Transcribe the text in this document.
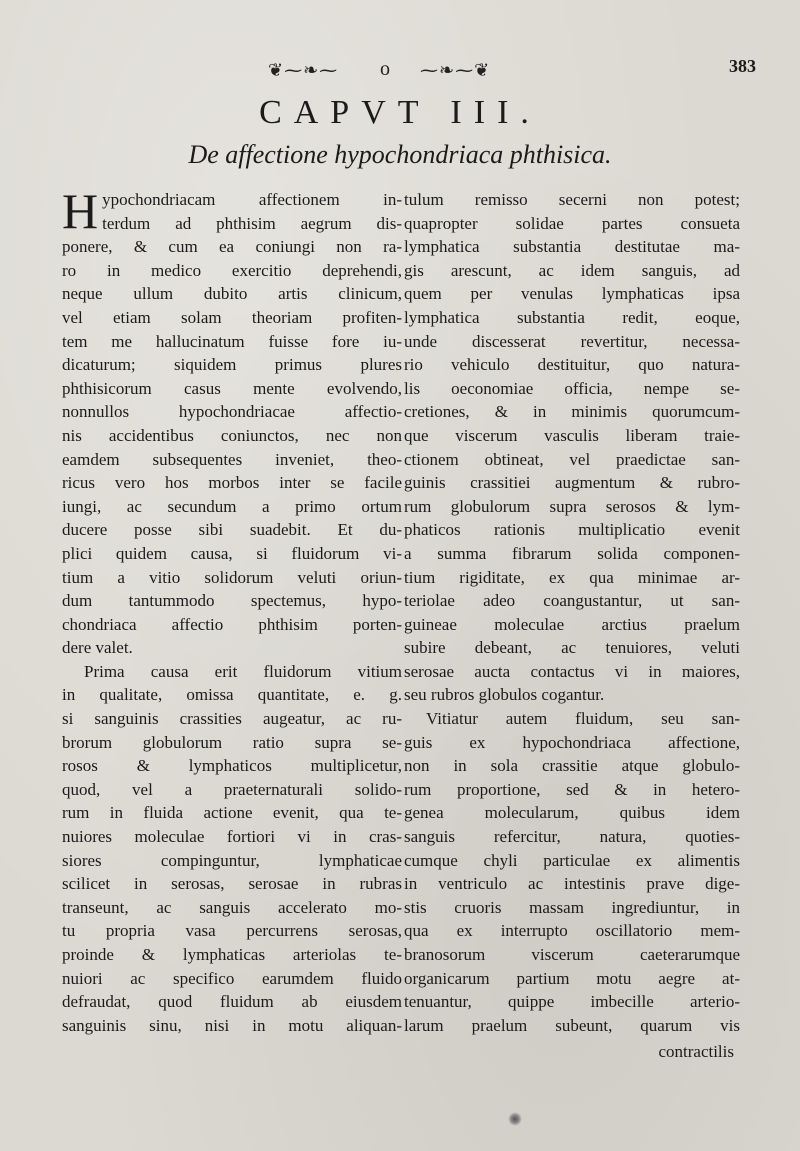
❦⁓❧⁓ o ⁓❧⁓❦	383
CAPVT III.
De affectione hypochondriaca phthisica.
H ypochondriacam affectionem in-
terdum ad phthisim aegrum dis-
ponere, & cum ea coniungi non ra-
ro in medico exercitio deprehendi,
neque ullum dubito artis clinicum,
vel etiam solam theoriam profiten-
tem me hallucinatum fuisse fore iu-
dicaturum; siquidem primus plures
phthisicorum casus mente evolvendo,
nonnullos hypochondriacae affectio-
nis accidentibus coniunctos, nec non
eamdem subsequentes inveniet, theo-
ricus vero hos morbos inter se facile
iungi, ac secundum a primo ortum
ducere posse sibi suadebit. Et du-
plici quidem causa, si fluidorum vi-
tium a vitio solidorum veluti oriun-
dum tantummodo spectemus, hypo-
chondriaca affectio phthisim porten-
dere valet.
Prima causa erit fluidorum vitium
in qualitate, omissa quantitate, e. g.
si sanguinis crassities augeatur, ac ru-
brorum globulorum ratio supra se-
rosos & lymphaticos multiplicetur,
quod, vel a praeternaturali solido-
rum in fluida actione evenit, qua te-
nuiores moleculae fortiori vi in cras-
siores compinguntur, lymphaticae
scilicet in serosas, serosae in rubras
transeunt, ac sanguis accelerato mo-
tu propria vasa percurrens serosas,
proinde & lymphaticas arteriolas te-
nuiori ac specifico earumdem fluido
defraudat, quod fluidum ab eiusdem
sanguinis sinu, nisi in motu aliquan-
tulum remisso secerni non potest;
quapropter solidae partes consueta
lymphatica substantia destitutae ma-
gis arescunt, ac idem sanguis, ad
quem per venulas lymphaticas ipsa
lymphatica substantia redit, eoque,
unde discesserat revertitur, necessa-
rio vehiculo destituitur, quo natura-
lis oeconomiae officia, nempe se-
cretiones, & in minimis quorumcum-
que viscerum vasculis liberam traie-
ctionem obtineat, vel praedictae san-
guinis crassitiei augmentum & rubro-
rum globulorum supra serosos & lym-
phaticos rationis multiplicatio evenit
a summa fibrarum solida componen-
tium rigiditate, ex qua minimae ar-
teriolae adeo coangustantur, ut san-
guineae moleculae arctius praelum
subire debeant, ac tenuiores, veluti
serosae aucta contactus vi in maiores,
seu rubros globulos cogantur.
Vitiatur autem fluidum, seu san-
guis ex hypochondriaca affectione,
non in sola crassitie atque globulo-
rum proportione, sed & in hetero-
genea molecularum, quibus idem
sanguis refercitur, natura, quoties-
cumque chyli particulae ex alimentis
in ventriculo ac intestinis prave dige-
stis cruoris massam ingrediuntur, in
qua ex interrupto oscillatorio mem-
branosorum viscerum caeterarumque
organicarum partium motu aegre at-
tenuantur, quippe imbecille arterio-
larum praelum subeunt, quarum vis
contractilis
